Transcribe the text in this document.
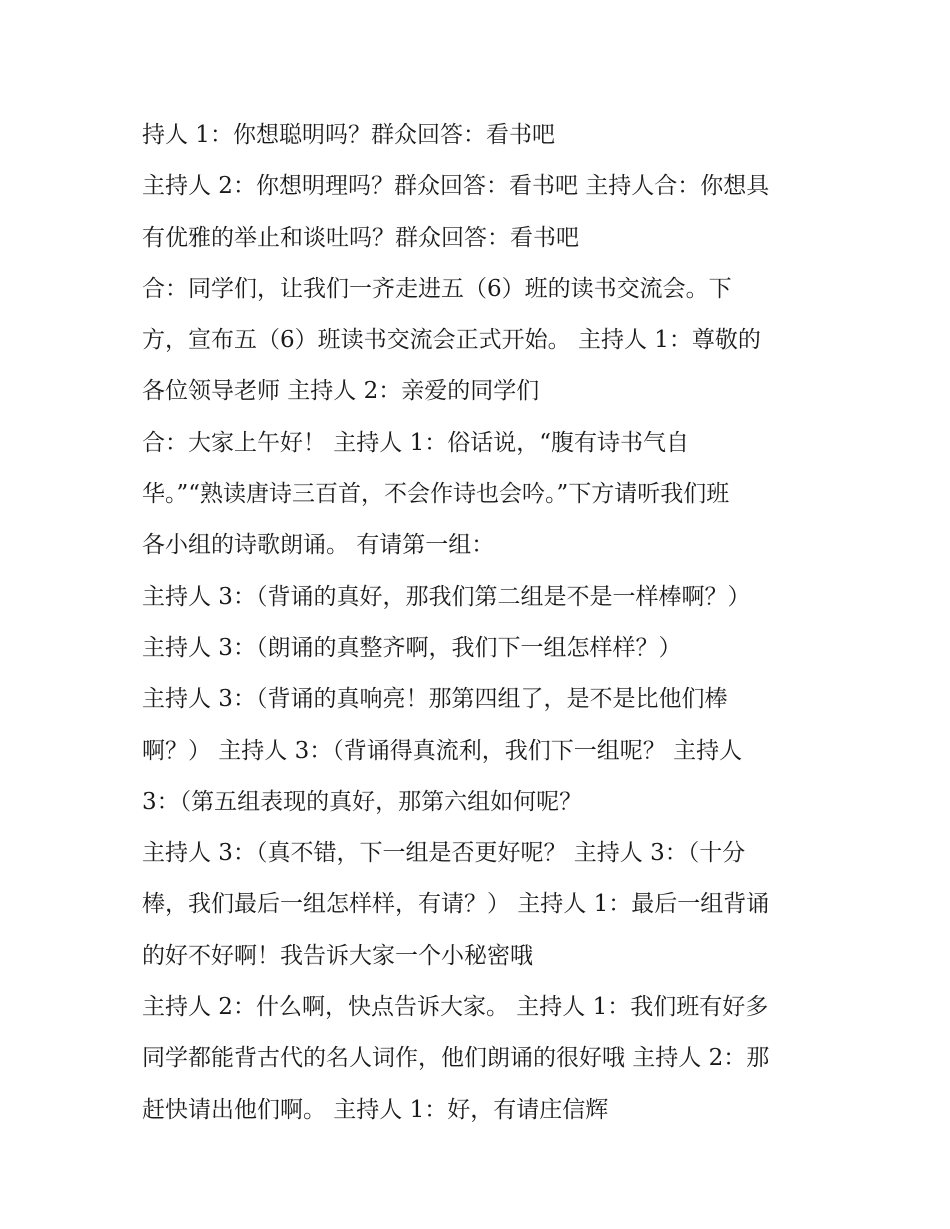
持人 1：你想聪明吗？群众回答：看书吧
主持人 2：你想明理吗？群众回答：看书吧 主持人合：你想具
有优雅的举止和谈吐吗？群众回答：看书吧
合：同学们，让我们一齐走进五（6）班的读书交流会。下
方，宣布五（6）班读书交流会正式开始。 主持人 1：尊敬的
各位领导老师 主持人 2：亲爱的同学们
合：大家上午好！ 主持人 1：俗话说，“腹有诗书气自
华。”“熟读唐诗三百首，不会作诗也会吟。”下方请听我们班
各小组的诗歌朗诵。 有请第一组：
主持人 3：（背诵的真好，那我们第二组是不是一样棒啊？）
主持人 3：（朗诵的真整齐啊，我们下一组怎样样？）
主持人 3：（背诵的真响亮！那第四组了，是不是比他们棒
啊？） 主持人 3：（背诵得真流利，我们下一组呢？ 主持人
3：（第五组表现的真好，那第六组如何呢？
主持人 3：（真不错，下一组是否更好呢？ 主持人 3：（十分
棒，我们最后一组怎样样，有请？） 主持人 1：最后一组背诵
的好不好啊！我告诉大家一个小秘密哦
主持人 2：什么啊，快点告诉大家。 主持人 1：我们班有好多
同学都能背古代的名人词作，他们朗诵的很好哦 主持人 2：那
赶快请出他们啊。 主持人 1：好，有请庄信辉
